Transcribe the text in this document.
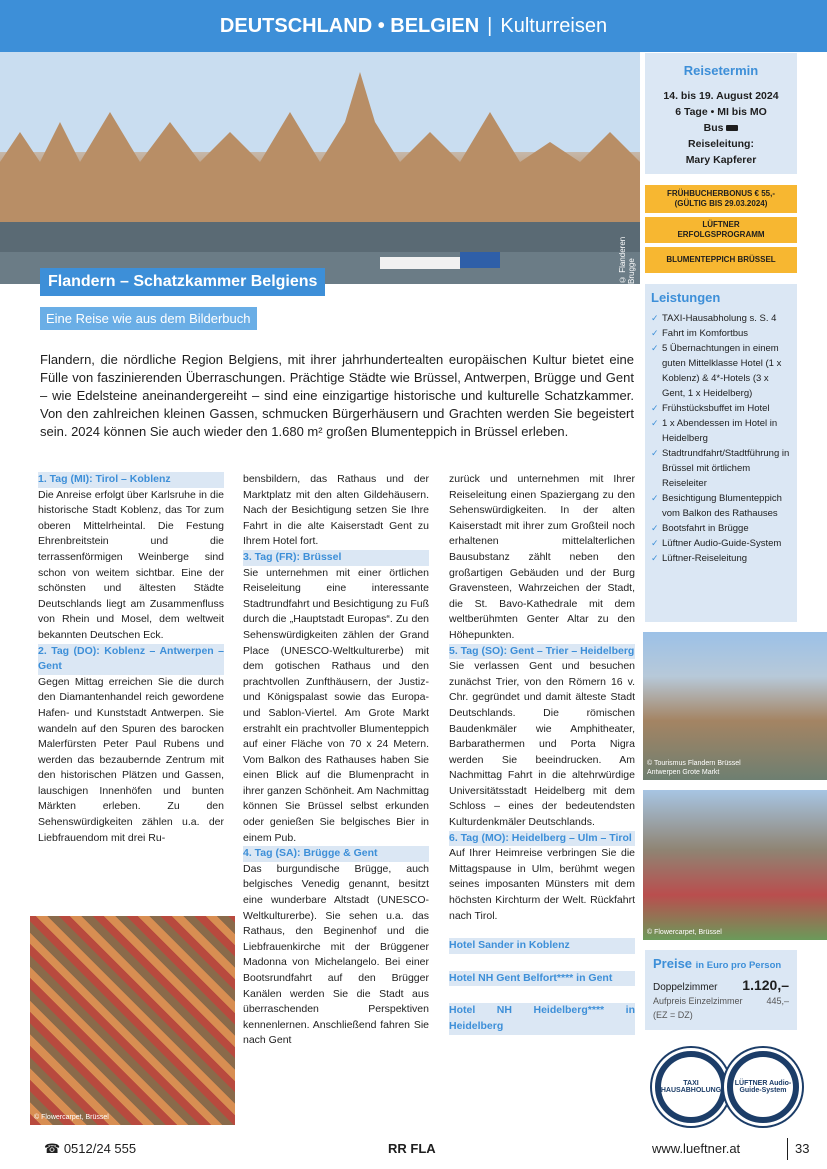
DEUTSCHLAND • BELGIEN | Kulturreisen
© Flanderen Brugge
Flandern – Schatzkammer Belgiens
Eine Reise wie aus dem Bilderbuch

Flandern, die nördliche Region Belgiens, mit ihrer jahrhundertealten europäischen Kultur bietet eine Fülle von faszinierenden Überraschungen. Prächtige Städte wie Brüssel, Antwerpen, Brügge und Gent – wie Edelsteine aneinandergereiht – sind eine einzigartige historische und kulturelle Schatzkammer. Von den zahlreichen kleinen Gassen, schmucken Bürgerhäusern und Grachten werden Sie begeistert sein. 2024 können Sie auch wieder den 1.680 m² großen Blumenteppich in Brüssel erleben.

1. Tag (MI): Tirol – Koblenz
Die Anreise erfolgt über Karlsruhe in die historische Stadt Koblenz, das Tor zum oberen Mittelrheintal. Die Festung Ehrenbreitstein und die terrassenförmigen Weinberge sind schon von weitem sichtbar. Eine der schönsten und ältesten Städte Deutschlands liegt am Zusammenfluss von Rhein und Mosel, dem weltweit bekannten Deutschen Eck.
2. Tag (DO): Koblenz – Antwerpen – Gent
Gegen Mittag erreichen Sie die durch den Diamantenhandel reich gewordene Hafen- und Kunststadt Antwerpen. Sie wandeln auf den Spuren des barocken Malerfürsten Peter Paul Rubens und werden das bezaubernde Zentrum mit den historischen Plätzen und Gassen, lauschigen Innenhöfen und bunten Märkten erleben. Zu den Sehenswürdigkeiten zählen u.a. der Liebfrauendom mit drei Ru-
bensbildern, das Rathaus und der Marktplatz mit den alten Gildehäusern. Nach der Besichtigung setzen Sie Ihre Fahrt in die alte Kaiserstadt Gent zu Ihrem Hotel fort.
3. Tag (FR): Brüssel
Sie unternehmen mit einer örtlichen Reiseleitung eine interessante Stadtrundfahrt und Besichtigung zu Fuß durch die „Hauptstadt Europas“. Zu den Sehenswürdigkeiten zählen der Grand Place (UNESCO-Weltkulturerbe) mit dem gotischen Rathaus und den prachtvollen Zunfthäusern, der Justiz- und Königspalast sowie das Europa- und Sablon-Viertel. Am Grote Markt erstrahlt ein prachtvoller Blumenteppich auf einer Fläche von 70 x 24 Metern. Vom Balkon des Rathauses haben Sie einen Blick auf die Blumenpracht in ihrer ganzen Schönheit. Am Nachmittag können Sie Brüssel selbst erkunden oder genießen Sie belgisches Bier in einem Pub.
4. Tag (SA): Brügge & Gent
Das burgundische Brügge, auch belgisches Venedig genannt, besitzt eine wunderbare Altstadt (UNESCO-Weltkulturerbe). Sie sehen u.a. das Rathaus, den Beginenhof und die Liebfrauenkirche mit der Brüggener Madonna von Michelangelo. Bei einer Bootsrundfahrt auf den Brügger Kanälen werden Sie die Stadt aus überraschenden Perspektiven kennenlernen. Anschließend fahren Sie nach Gent
zurück und unternehmen mit Ihrer Reiseleitung einen Spaziergang zu den Sehenswürdigkeiten. In der alten Kaiserstadt mit ihrer zum Großteil noch erhaltenen mittelalterlichen Bausubstanz zählt neben den großartigen Gebäuden und der Burg Gravensteen, Wahrzeichen der Stadt, die St. Bavo-Kathedrale mit dem weltberühmten Genter Altar zu den Höhepunkten.
5. Tag (SO): Gent – Trier – Heidelberg
Sie verlassen Gent und besuchen zunächst Trier, von den Römern 16 v. Chr. gegründet und damit älteste Stadt Deutschlands. Die römischen Baudenkmäler wie Amphitheater, Barbarathermen und Porta Nigra werden Sie beeindrucken. Am Nachmittag Fahrt in die altehrwürdige Universitätsstadt Heidelberg mit dem Schloss – eines der bedeutendsten Kulturdenkmäler Deutschlands.
6. Tag (MO): Heidelberg – Ulm – Tirol
Auf Ihrer Heimreise verbringen Sie die Mittagspause in Ulm, berühmt wegen seines imposanten Münsters mit dem höchsten Kirchturm der Welt. Rückfahrt nach Tirol.
Hotel Sander in Koblenz
Hotel NH Gent Belfort**** in Gent
Hotel NH Heidelberg**** in Heidelberg
© Flowercarpet, Brüssel
© Tourismus Flandern Brüssel
Antwerpen Grote Markt
© Flowercarpet, Brüssel
Reisetermin
14. bis 19. August 2024
6 Tage • MI bis MO
Bus
Reiseleitung:
Mary Kapferer
FRÜHBUCHERBONUS € 55,- (GÜLTIG BIS 29.03.2024)
LÜFTNER ERFOLGSPROGRAMM
BLUMENTEPPICH BRÜSSEL
Leistungen
✓ TAXI-Hausabholung s. S. 4
✓ Fahrt im Komfortbus
✓ 5 Übernachtungen in einem guten Mittelklasse Hotel (1 x Koblenz) & 4*-Hotels (3 x Gent, 1 x Heidelberg)
✓ Frühstücksbuffet im Hotel
✓ 1 x Abendessen im Hotel in Heidelberg
✓ Stadtrundfahrt/Stadtführung in Brüssel mit örtlichem Reiseleiter
✓ Besichtigung Blumenteppich vom Balkon des Rathauses
✓ Bootsfahrt in Brügge
✓ Lüftner Audio-Guide-System
✓ Lüftner-Reiseleitung
Preise in Euro pro Person
Doppelzimmer 1.120,–
Aufpreis Einzelzimmer	445,–
(EZ = DZ)
TAXI HAUSABHOLUNG
LÜFTNER Audio-Guide-System
☎ 0512/24 555	RR FLA	www.lueftner.at	33
